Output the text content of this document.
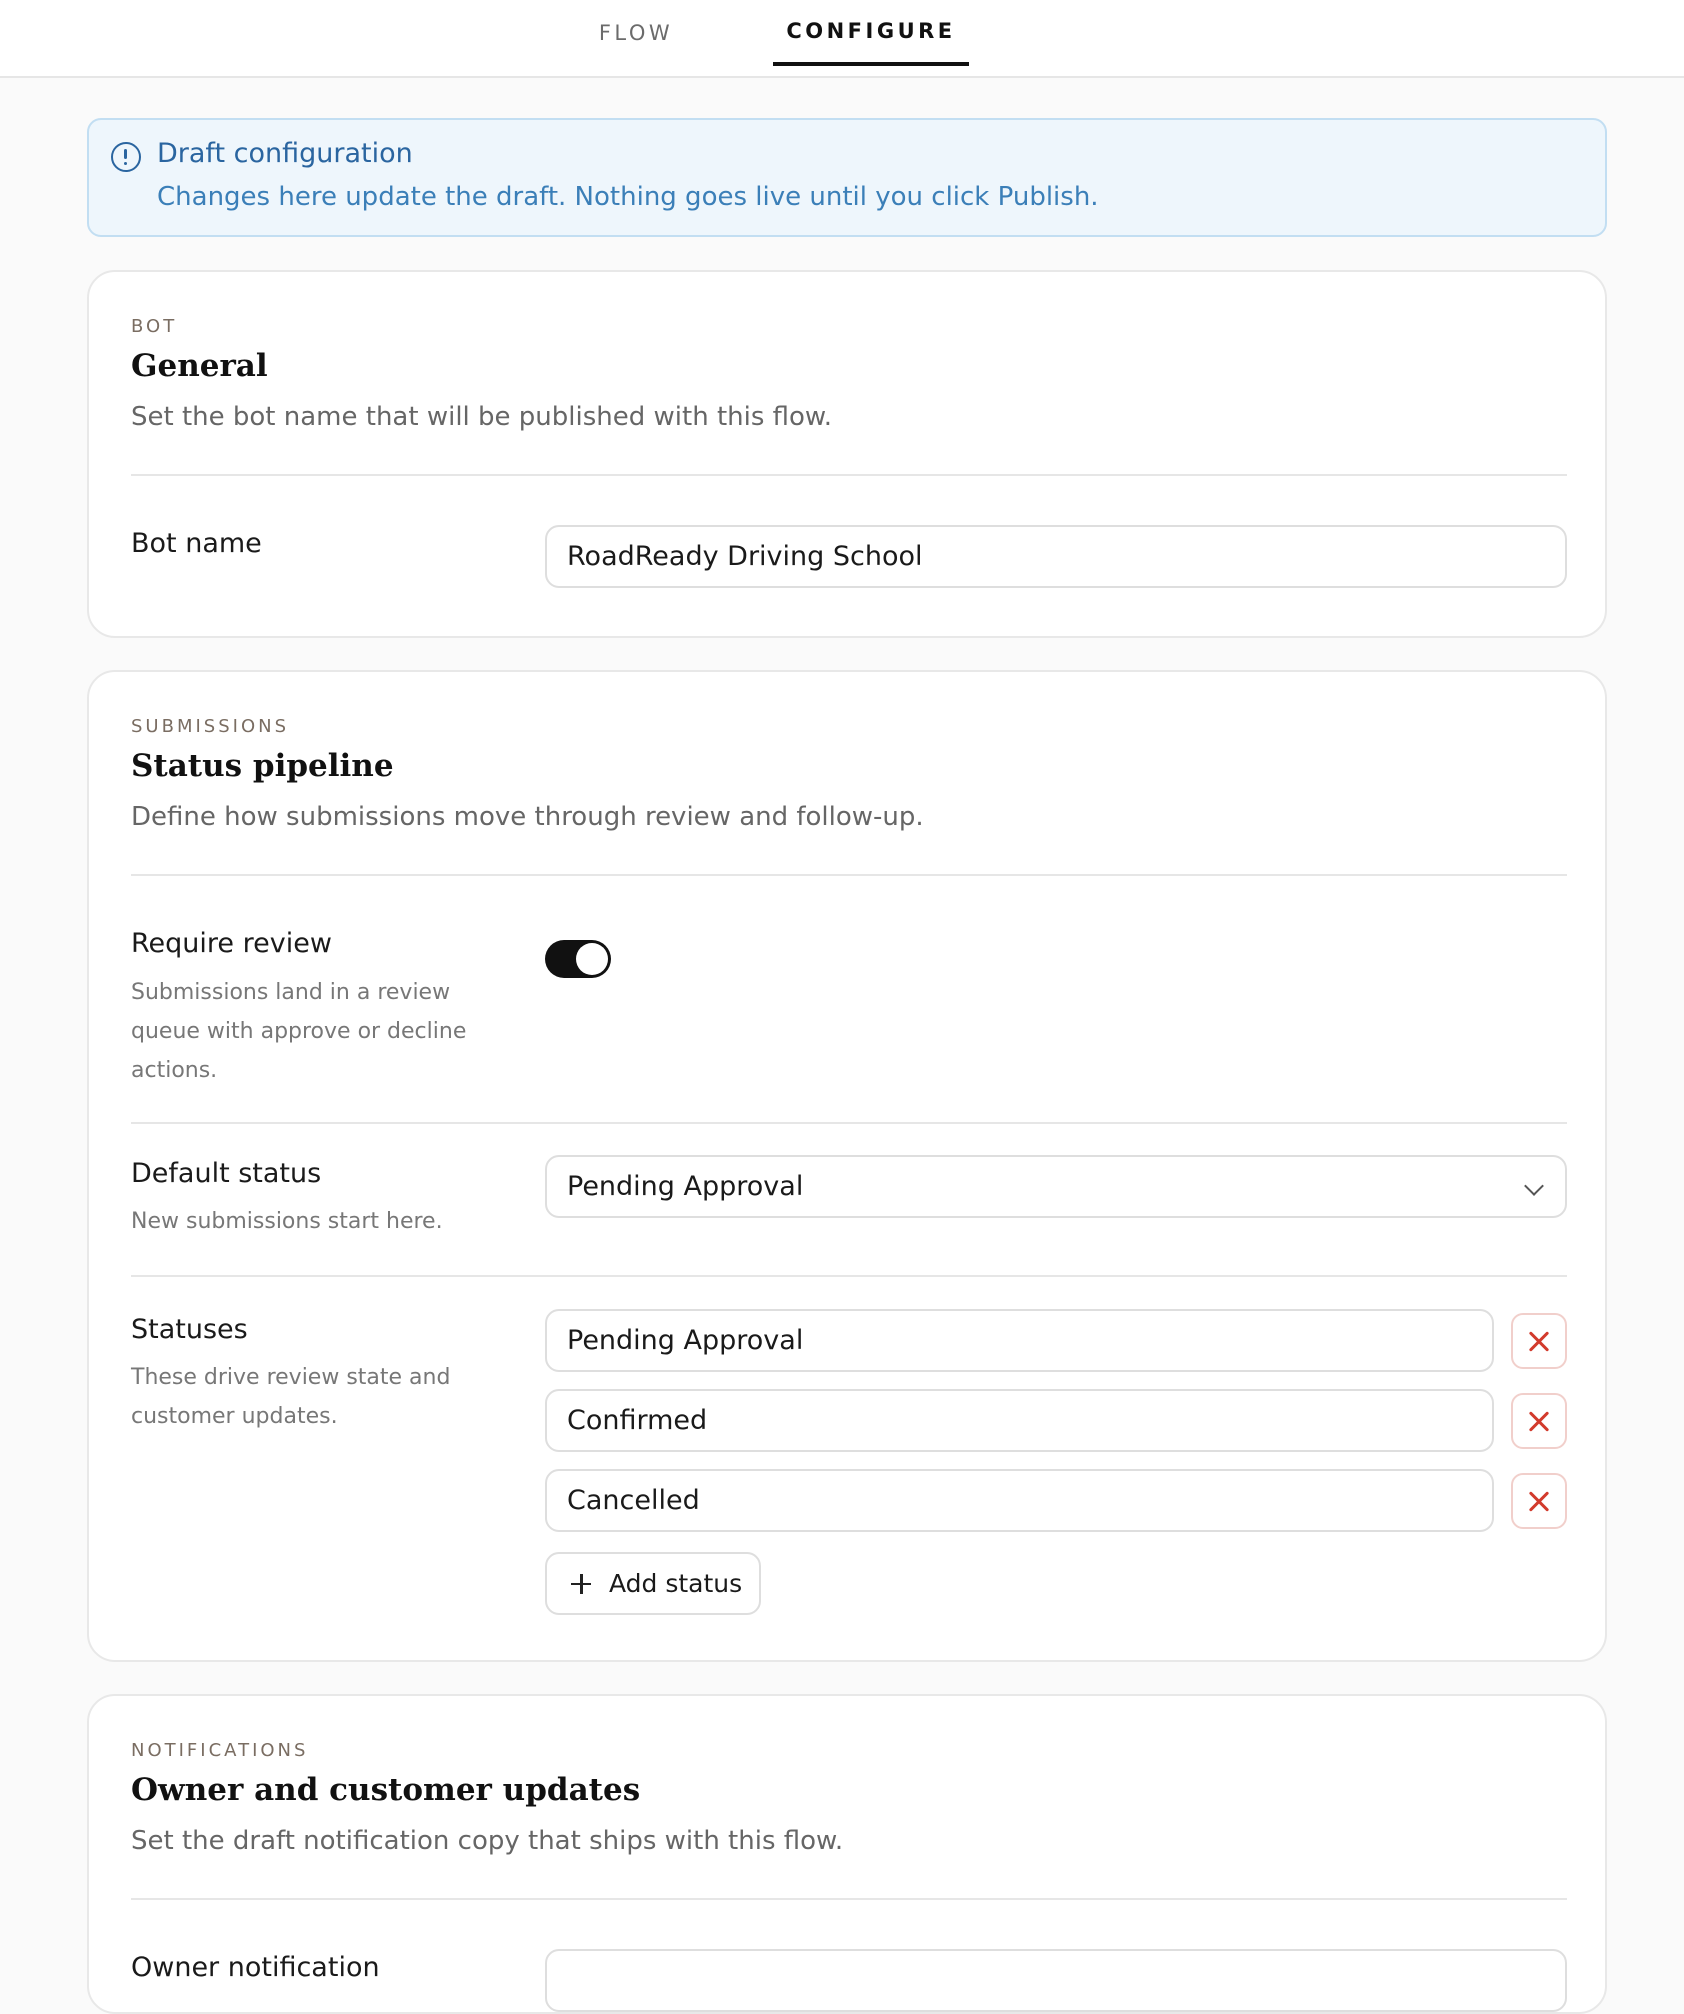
FLOW	CONFIGURE
Draft configuration
Changes here update the draft. Nothing goes live until you click Publish.
BOT
General
Set the bot name that will be published with this flow.
Bot name	RoadReady Driving School
SUBMISSIONS
Status pipeline
Define how submissions move through review and follow-up.
Require review
Submissions land in a review queue with approve or decline actions.
Default status
New submissions start here.
Pending Approval
Statuses
These drive review state and customer updates.
Pending Approval
Confirmed
Cancelled
Add status
NOTIFICATIONS
Owner and customer updates
Set the draft notification copy that ships with this flow.
Owner notification
